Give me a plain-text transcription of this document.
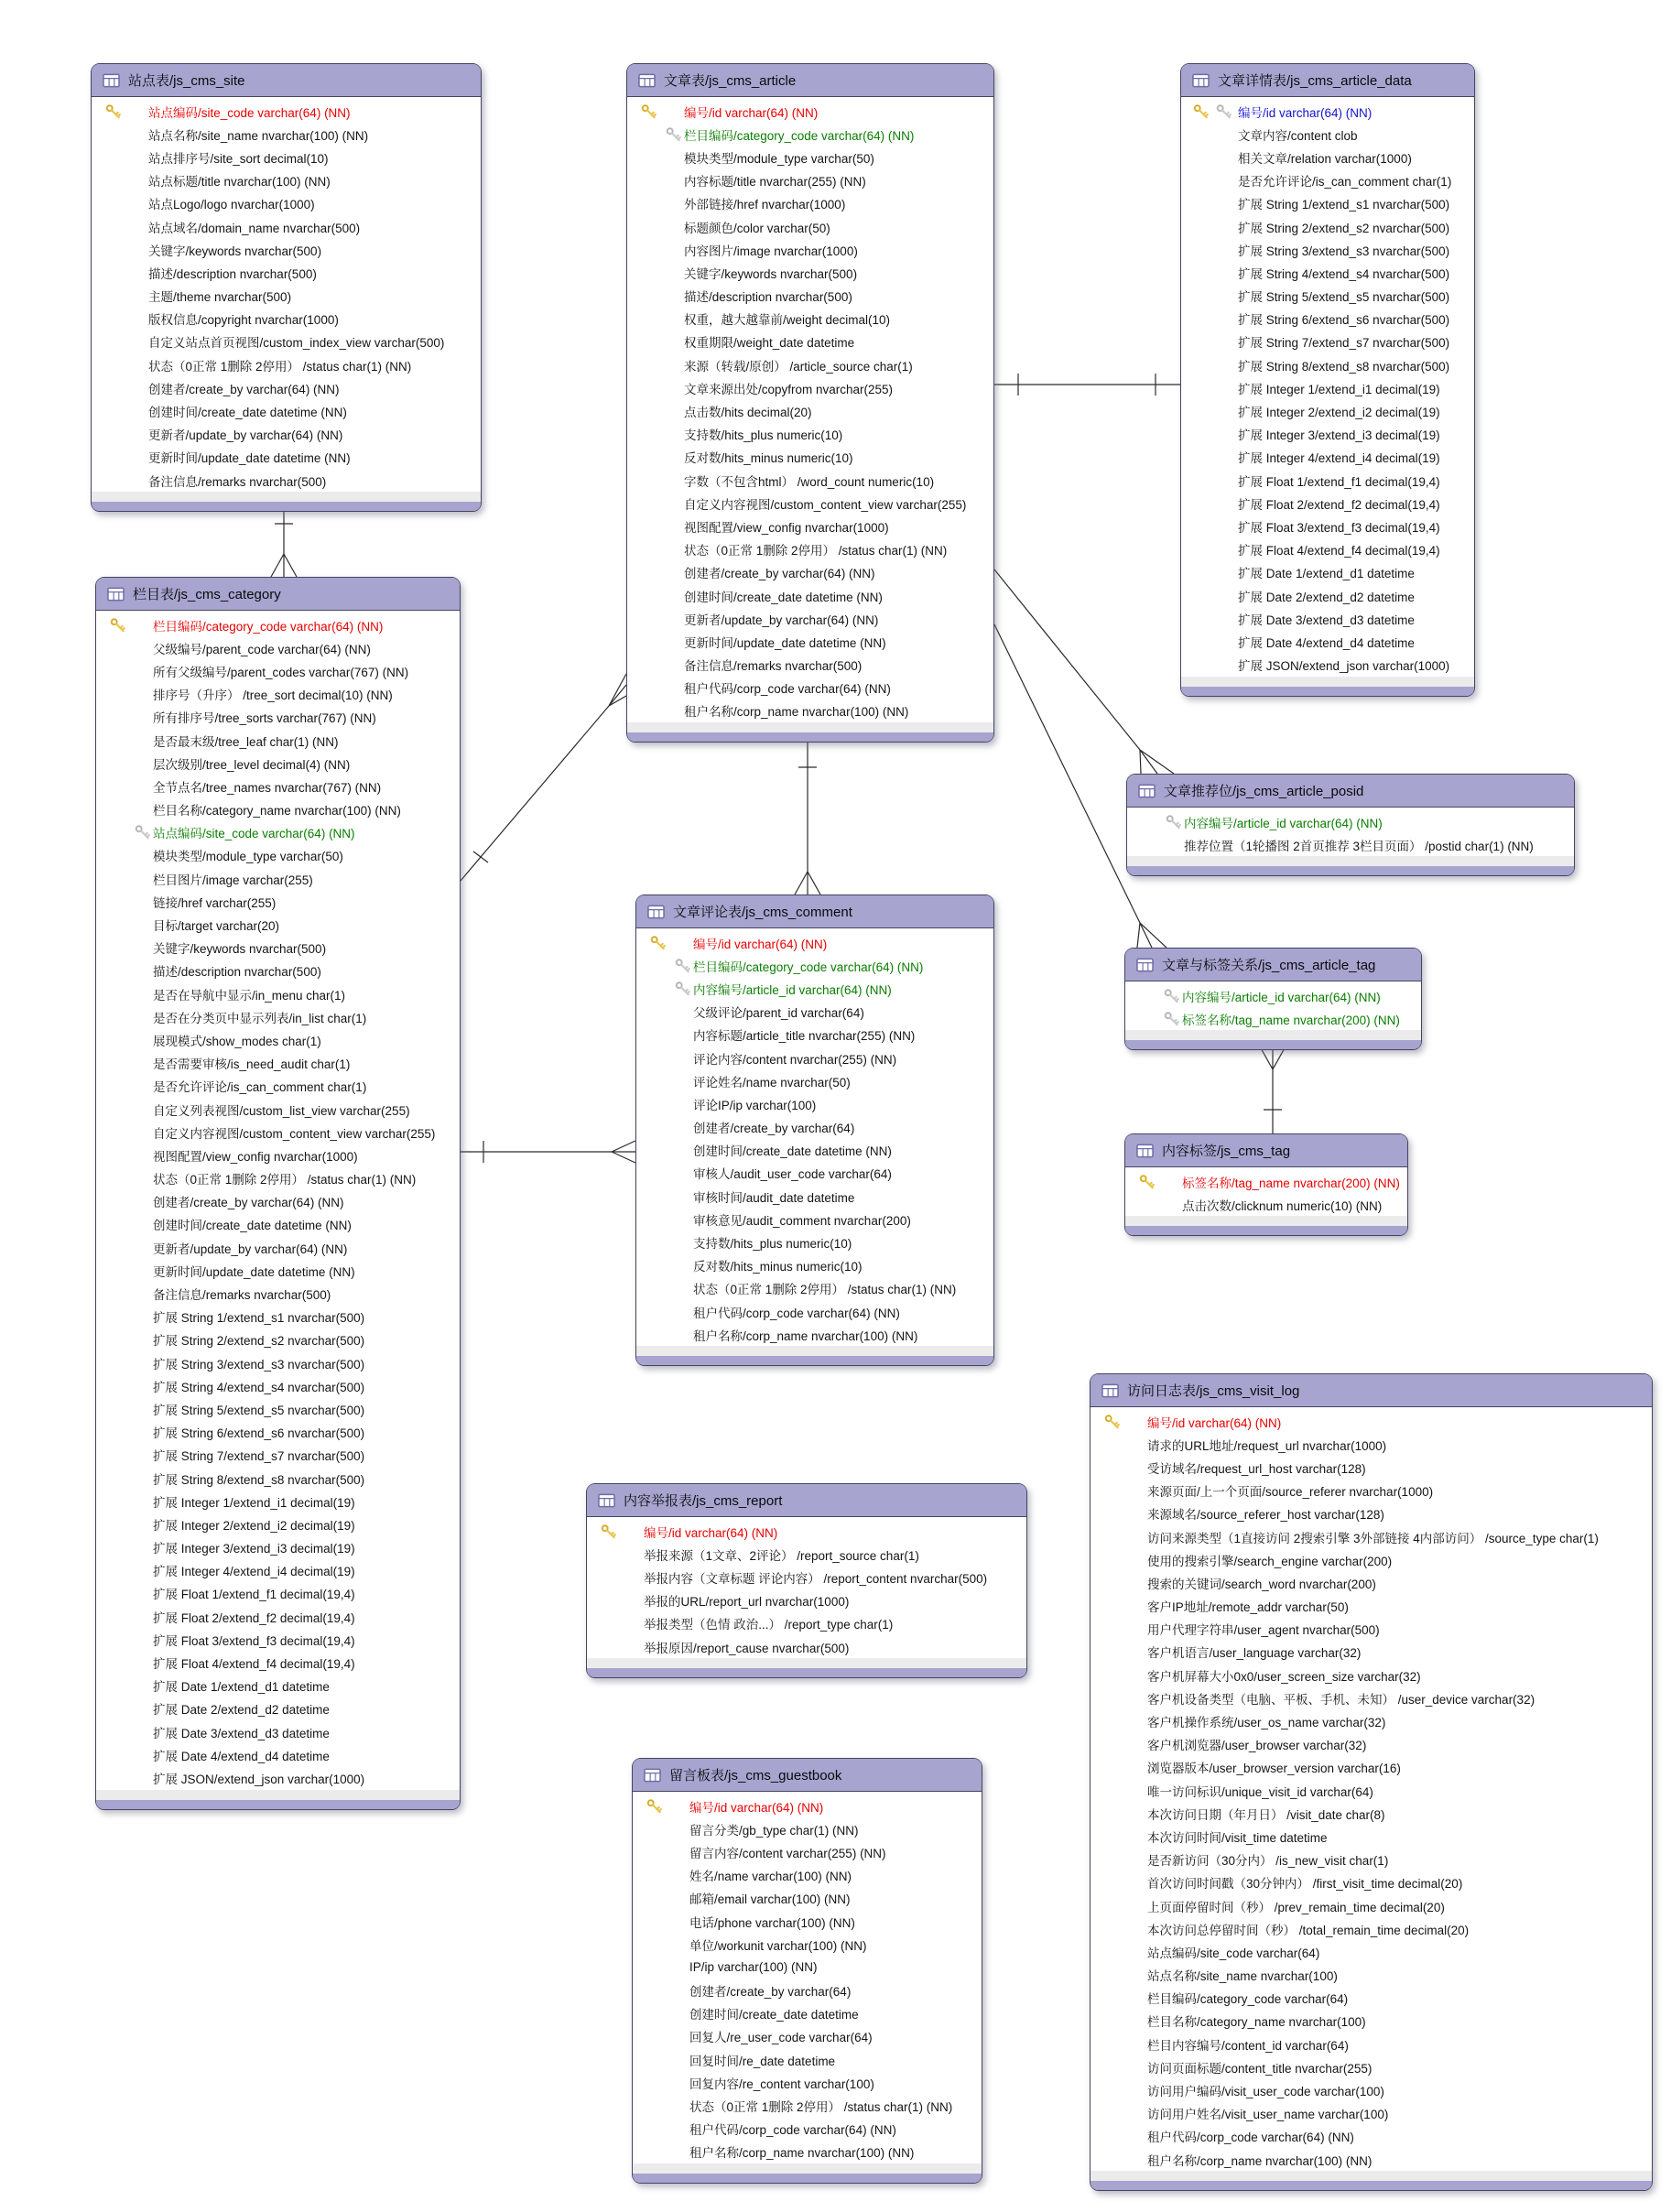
站点表/js_cms_site
站点编码/site_code varchar(64) (NN)
站点名称/site_name nvarchar(100) (NN)
站点排序号/site_sort decimal(10)
站点标题/title nvarchar(100) (NN)
站点Logo/logo nvarchar(1000)
站点域名/domain_name nvarchar(500)
关键字/keywords nvarchar(500)
描述/description nvarchar(500)
主题/theme nvarchar(500)
版权信息/copyright nvarchar(1000)
自定义站点首页视图/custom_index_view varchar(500)
状态（0正常 1删除 2停用） /status char(1) (NN)
创建者/create_by varchar(64) (NN)
创建时间/create_date datetime (NN)
更新者/update_by varchar(64) (NN)
更新时间/update_date datetime (NN)
备注信息/remarks nvarchar(500)
文章表/js_cms_article
编号/id varchar(64) (NN)
栏目编码/category_code varchar(64) (NN)
模块类型/module_type varchar(50)
内容标题/title nvarchar(255) (NN)
外部链接/href nvarchar(1000)
标题颜色/color varchar(50)
内容图片/image nvarchar(1000)
关键字/keywords nvarchar(500)
描述/description nvarchar(500)
权重，越大越靠前/weight decimal(10)
权重期限/weight_date datetime
来源（转载/原创） /article_source char(1)
文章来源出处/copyfrom nvarchar(255)
点击数/hits decimal(20)
支持数/hits_plus numeric(10)
反对数/hits_minus numeric(10)
字数（不包含html） /word_count numeric(10)
自定义内容视图/custom_content_view varchar(255)
视图配置/view_config nvarchar(1000)
状态（0正常 1删除 2停用） /status char(1) (NN)
创建者/create_by varchar(64) (NN)
创建时间/create_date datetime (NN)
更新者/update_by varchar(64) (NN)
更新时间/update_date datetime (NN)
备注信息/remarks nvarchar(500)
租户代码/corp_code varchar(64) (NN)
租户名称/corp_name nvarchar(100) (NN)
文章详情表/js_cms_article_data
编号/id varchar(64) (NN)
文章内容/content clob
相关文章/relation varchar(1000)
是否允许评论/is_can_comment char(1)
扩展 String 1/extend_s1 nvarchar(500)
扩展 String 2/extend_s2 nvarchar(500)
扩展 String 3/extend_s3 nvarchar(500)
扩展 String 4/extend_s4 nvarchar(500)
扩展 String 5/extend_s5 nvarchar(500)
扩展 String 6/extend_s6 nvarchar(500)
扩展 String 7/extend_s7 nvarchar(500)
扩展 String 8/extend_s8 nvarchar(500)
扩展 Integer 1/extend_i1 decimal(19)
扩展 Integer 2/extend_i2 decimal(19)
扩展 Integer 3/extend_i3 decimal(19)
扩展 Integer 4/extend_i4 decimal(19)
扩展 Float 1/extend_f1 decimal(19,4)
扩展 Float 2/extend_f2 decimal(19,4)
扩展 Float 3/extend_f3 decimal(19,4)
扩展 Float 4/extend_f4 decimal(19,4)
扩展 Date 1/extend_d1 datetime
扩展 Date 2/extend_d2 datetime
扩展 Date 3/extend_d3 datetime
扩展 Date 4/extend_d4 datetime
扩展 JSON/extend_json varchar(1000)
栏目表/js_cms_category
栏目编码/category_code varchar(64) (NN)
父级编号/parent_code varchar(64) (NN)
所有父级编号/parent_codes varchar(767) (NN)
排序号（升序） /tree_sort decimal(10) (NN)
所有排序号/tree_sorts varchar(767) (NN)
是否最末级/tree_leaf char(1) (NN)
层次级别/tree_level decimal(4) (NN)
全节点名/tree_names nvarchar(767) (NN)
栏目名称/category_name nvarchar(100) (NN)
站点编码/site_code varchar(64) (NN)
模块类型/module_type varchar(50)
栏目图片/image varchar(255)
链接/href varchar(255)
目标/target varchar(20)
关键字/keywords nvarchar(500)
描述/description nvarchar(500)
是否在导航中显示/in_menu char(1)
是否在分类页中显示列表/in_list char(1)
展现模式/show_modes char(1)
是否需要审核/is_need_audit char(1)
是否允许评论/is_can_comment char(1)
自定义列表视图/custom_list_view varchar(255)
自定义内容视图/custom_content_view varchar(255)
视图配置/view_config nvarchar(1000)
状态（0正常 1删除 2停用） /status char(1) (NN)
创建者/create_by varchar(64) (NN)
创建时间/create_date datetime (NN)
更新者/update_by varchar(64) (NN)
更新时间/update_date datetime (NN)
备注信息/remarks nvarchar(500)
扩展 String 1/extend_s1 nvarchar(500)
扩展 String 2/extend_s2 nvarchar(500)
扩展 String 3/extend_s3 nvarchar(500)
扩展 String 4/extend_s4 nvarchar(500)
扩展 String 5/extend_s5 nvarchar(500)
扩展 String 6/extend_s6 nvarchar(500)
扩展 String 7/extend_s7 nvarchar(500)
扩展 String 8/extend_s8 nvarchar(500)
扩展 Integer 1/extend_i1 decimal(19)
扩展 Integer 2/extend_i2 decimal(19)
扩展 Integer 3/extend_i3 decimal(19)
扩展 Integer 4/extend_i4 decimal(19)
扩展 Float 1/extend_f1 decimal(19,4)
扩展 Float 2/extend_f2 decimal(19,4)
扩展 Float 3/extend_f3 decimal(19,4)
扩展 Float 4/extend_f4 decimal(19,4)
扩展 Date 1/extend_d1 datetime
扩展 Date 2/extend_d2 datetime
扩展 Date 3/extend_d3 datetime
扩展 Date 4/extend_d4 datetime
扩展 JSON/extend_json varchar(1000)
文章推荐位/js_cms_article_posid
内容编号/article_id varchar(64) (NN)
推荐位置（1轮播图 2首页推荐 3栏目页面） /postid char(1) (NN)
文章与标签关系/js_cms_article_tag
内容编号/article_id varchar(64) (NN)
标签名称/tag_name nvarchar(200) (NN)
内容标签/js_cms_tag
标签名称/tag_name nvarchar(200) (NN)
点击次数/clicknum numeric(10) (NN)
文章评论表/js_cms_comment
编号/id varchar(64) (NN)
栏目编码/category_code varchar(64) (NN)
内容编号/article_id varchar(64) (NN)
父级评论/parent_id varchar(64)
内容标题/article_title nvarchar(255) (NN)
评论内容/content nvarchar(255) (NN)
评论姓名/name nvarchar(50)
评论IP/ip varchar(100)
创建者/create_by varchar(64)
创建时间/create_date datetime (NN)
审核人/audit_user_code varchar(64)
审核时间/audit_date datetime
审核意见/audit_comment nvarchar(200)
支持数/hits_plus numeric(10)
反对数/hits_minus numeric(10)
状态（0正常 1删除 2停用） /status char(1) (NN)
租户代码/corp_code varchar(64) (NN)
租户名称/corp_name nvarchar(100) (NN)
内容举报表/js_cms_report
编号/id varchar(64) (NN)
举报来源（1文章、2评论） /report_source char(1)
举报内容（文章标题 评论内容） /report_content nvarchar(500)
举报的URL/report_url nvarchar(1000)
举报类型（色情 政治...） /report_type char(1)
举报原因/report_cause nvarchar(500)
留言板表/js_cms_guestbook
编号/id varchar(64) (NN)
留言分类/gb_type char(1) (NN)
留言内容/content varchar(255) (NN)
姓名/name varchar(100) (NN)
邮箱/email varchar(100) (NN)
电话/phone varchar(100) (NN)
单位/workunit varchar(100) (NN)
IP/ip varchar(100) (NN)
创建者/create_by varchar(64)
创建时间/create_date datetime
回复人/re_user_code varchar(64)
回复时间/re_date datetime
回复内容/re_content varchar(100)
状态（0正常 1删除 2停用） /status char(1) (NN)
租户代码/corp_code varchar(64) (NN)
租户名称/corp_name nvarchar(100) (NN)
访问日志表/js_cms_visit_log
编号/id varchar(64) (NN)
请求的URL地址/request_url nvarchar(1000)
受访域名/request_url_host varchar(128)
来源页面/上一个页面/source_referer nvarchar(1000)
来源域名/source_referer_host varchar(128)
访问来源类型（1直接访问 2搜索引擎 3外部链接 4内部访问） /source_type char(1)
使用的搜索引擎/search_engine varchar(200)
搜索的关键词/search_word nvarchar(200)
客户IP地址/remote_addr varchar(50)
用户代理字符串/user_agent nvarchar(500)
客户机语言/user_language varchar(32)
客户机屏幕大小0x0/user_screen_size varchar(32)
客户机设备类型（电脑、平板、手机、未知） /user_device varchar(32)
客户机操作系统/user_os_name varchar(32)
客户机浏览器/user_browser varchar(32)
浏览器版本/user_browser_version varchar(16)
唯一访问标识/unique_visit_id varchar(64)
本次访问日期（年月日） /visit_date char(8)
本次访问时间/visit_time datetime
是否新访问（30分内） /is_new_visit char(1)
首次访问时间戳（30分钟内） /first_visit_time decimal(20)
上页面停留时间（秒） /prev_remain_time decimal(20)
本次访问总停留时间（秒） /total_remain_time decimal(20)
站点编码/site_code varchar(64)
站点名称/site_name nvarchar(100)
栏目编码/category_code varchar(64)
栏目名称/category_name nvarchar(100)
栏目内容编号/content_id varchar(64)
访问页面标题/content_title nvarchar(255)
访问用户编码/visit_user_code varchar(100)
访问用户姓名/visit_user_name varchar(100)
租户代码/corp_code varchar(64) (NN)
租户名称/corp_name nvarchar(100) (NN)
